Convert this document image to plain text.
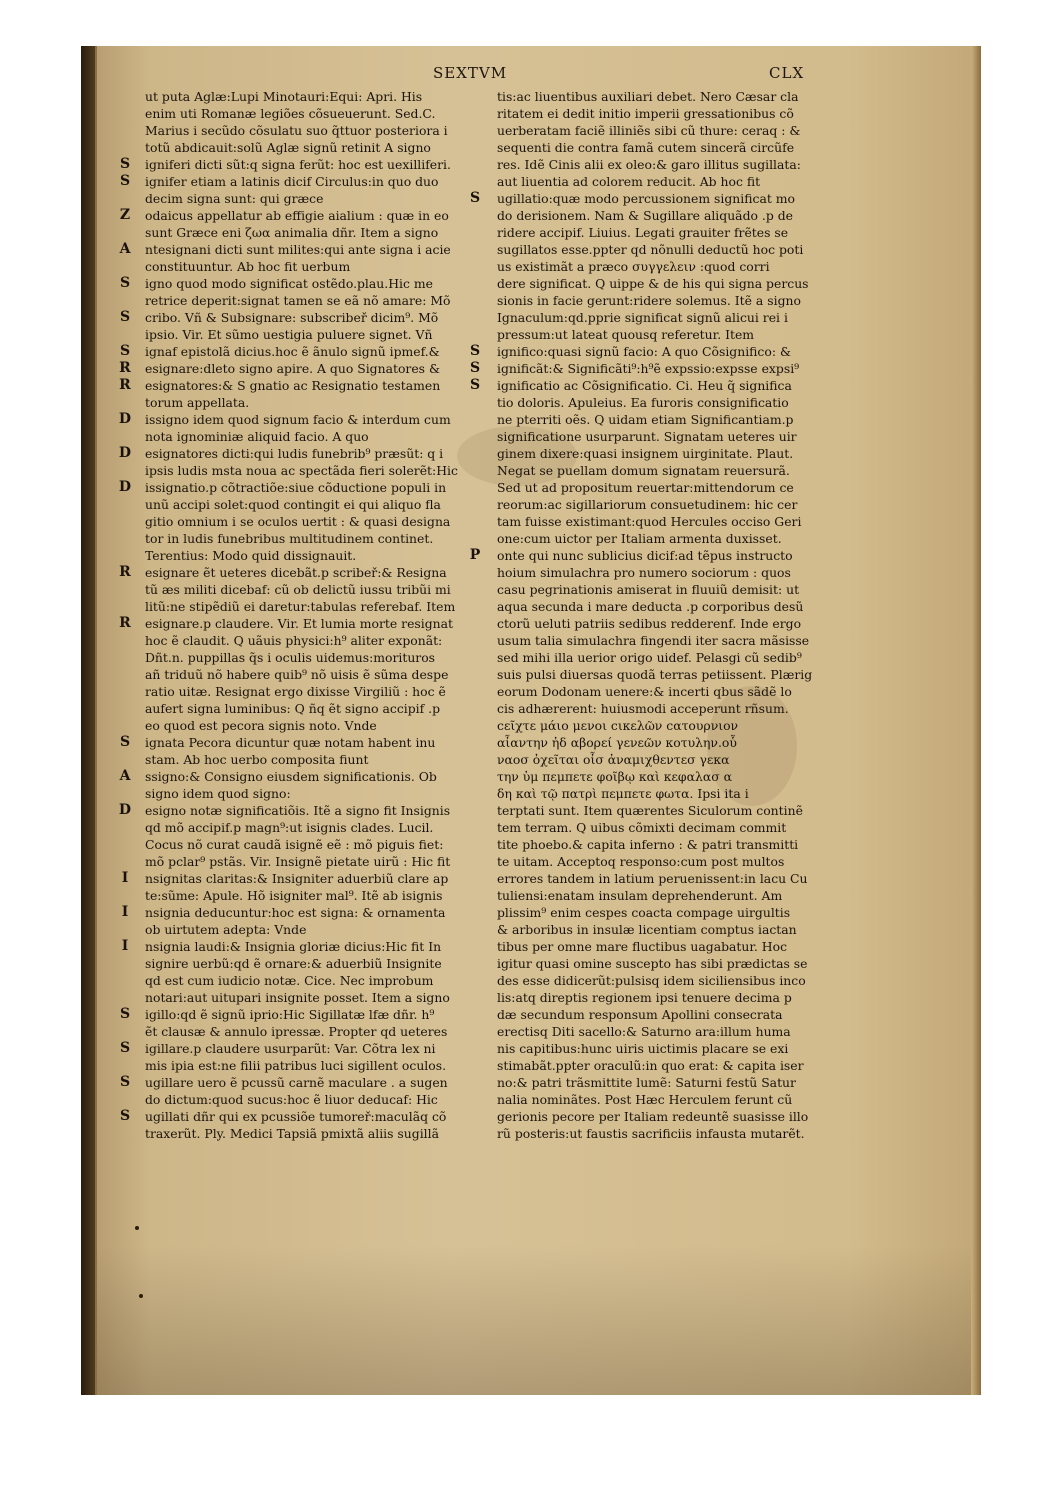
SEXTVM	CLX
ut puta Aglæ:Lupi Minotauri:Equi: Apri. His
enim uti Romanæ legiões cõsueuerunt. Sed.C.
Marius i secũdo cõsulatu suo q̃ttuor posteriora i
totũ abdicauit:solũ Aglæ signũ retinit A signo
S	igniferi dicti sũt:q signa ferũt: hoc est uexilliferi.
S	ignifer etiam a latinis dicif Circulus:in quo duo
decim signa sunt: qui græce
Z	odaicus appellatur ab effigie aialium : quæ in eo
sunt Græce eni ζωα animalia dñr. Item a signo
A	ntesignani dicti sunt milites:qui ante signa i acie
constituuntur. Ab hoc fit uerbum
S	igno quod modo significat ostẽdo.plau.Hic me
retrice deperit:signat tamen se eã nõ amare: Mõ
S	cribo. Vñ & Subsignare: subscribeř dicim⁹. Mõ
ipsio. Vir. Et sũmo uestigia puluere signet. Vñ
S	ignaf epistolã dicius.hoc ẽ ãnulo signũ ipmef.&
R	esignare:dleto signo apire. A quo Signatores &
R	esignatores:& S gnatio ac Resignatio testamen
torum appellata.
D	issigno idem quod signum facio & interdum cum
nota ignominiæ aliquid facio. A quo
D	esignatores dicti:qui ludis funebrib⁹ præsũt: q i
ipsis ludis msta noua ac spectãda fieri solerẽt:Hic
D	issignatio.p cõtractiõe:siue cõductione populi in
unũ accipi solet:quod contingit ei qui aliquo fla
gitio omnium i se oculos uertit : & quasi designa
tor in ludis funebribus multitudinem continet.
Terentius: Modo quid dissignauit.
R	esignare ẽt ueteres dicebãt.p scribeř:& Resigna
tũ æs militi dicebaf: cũ ob delictũ iussu tribũi mi
litũ:ne stipẽdiũ ei daretur:tabulas referebaf. Item
R	esignare.p claudere. Vir. Et lumia morte resignat
hoc ẽ claudit. Q uãuis physici:h⁹ aliter exponãt:
Dñt.n. puppillas q̃s i oculis uidemus:morituros
añ triduũ nõ habere quib⁹ nõ uisis ẽ sũma despe
ratio uitæ. Resignat ergo dixisse Virgiliũ : hoc ẽ
aufert signa luminibus: Q ñq ẽt signo accipif .p
eo quod est pecora signis noto. Vnde
S	ignata Pecora dicuntur quæ notam habent inu
stam. Ab hoc uerbo composita fiunt
A	ssigno:& Consigno eiusdem significationis. Ob
signo idem quod signo:
D	esigno notæ significatiõis. Itẽ a signo fit Insignis
qd mõ accipif.p magn⁹:ut isignis clades. Lucil.
Cocus nõ curat caudã isignẽ eẽ : mõ piguis fiet:
mõ pclar⁹ pstãs. Vir. Insignẽ pietate uirũ : Hic fit
I	nsignitas claritas:& Insigniter aduerbiũ clare ap
te:sũme: Apule. Hõ isigniter mal⁹. Itẽ ab isignis
I	nsignia deducuntur:hoc est signa: & ornamenta
ob uirtutem adepta: Vnde
I	nsignia laudi:& Insignia gloriæ dicius:Hic fit In
signire uerbũ:qd ẽ ornare:& aduerbiũ Insignite
qd est cum iudicio notæ. Cice. Nec improbum
notari:aut uitupari insignite posset. Item a signo
S	igillo:qd ẽ signũ iprio:Hic Sigillatæ lfæ dñr. h⁹
ẽt clausæ & annulo ipressæ. Propter qd ueteres
S	igillare.p claudere usurparũt: Var. Cõtra lex ni
mis ipia est:ne filii patribus luci sigillent oculos.
S	ugillare uero ẽ pcussũ carnẽ maculare . a sugen
do dictum:quod sucus:hoc ẽ liuor deducaf: Hic
S	ugillati dñr qui ex pcussiõe tumoreř:maculãq cõ
traxerũt. Ply. Medici Tapsiã pmixtã aliis sugillã
tis:ac liuentibus auxiliari debet. Nero Cæsar cla
ritatem ei dedit initio imperii gressationibus cõ
uerberatam faciẽ illiniẽs sibi cũ thure: ceraq : &
sequenti die contra famã cutem sincerã circũfe
res. Idẽ Cinis alii ex oleo:& garo illitus sugillata:
aut liuentia ad colorem reducit. Ab hoc fit
S	ugillatio:quæ modo percussionem significat mo
do derisionem. Nam & Sugillare aliquãdo .p de
ridere accipif. Liuius. Legati grauiter frẽtes se
sugillatos esse.ppter qd nõnulli deductũ hoc poti
us existimãt a præco συγγελειν :quod corri
dere significat. Q uippe & de his qui signa percus
sionis in facie gerunt:ridere solemus. Itẽ a signo
Ignaculum:qd.pprie significat signũ alicui rei i
pressum:ut lateat quousq referetur. Item
S	ignifico:quasi signũ facio: A quo Cõsignifico: &
S	ignificãt:& Significãti⁹:h⁹ẽ expssio:expsse expsi⁹
S	ignificatio ac Cõsignificatio. Ci. Heu q̃ significa
tio doloris. Apuleius. Ea furoris consignificatio
ne pterriti oẽs. Q uidam etiam Significantiam.p
significatione usurparunt. Signatam ueteres uir
ginem dixere:quasi insignem uirginitate. Plaut.
Negat se puellam domum signatam reuersurã.
Sed ut ad propositum reuertar:mittendorum ce
reorum:ac sigillariorum consuetudinem: hic cer
tam fuisse existimant:quod Hercules occiso Geri
one:cum uictor per Italiam armenta duxisset.
P	onte qui nunc sublicius dicif:ad tẽpus instructo
hoium simulachra pro numero sociorum : quos
casu pegrinationis amiserat in fluuiũ demisit: ut
aqua secunda i mare deducta .p corporibus desũ
ctorũ ueluti patriis sedibus redderenf. Inde ergo
usum talia simulachra fingendi iter sacra mãsisse
sed mihi illa uerior origo uidef. Pelasgi cũ sedib⁹
suis pulsi diuersas quodã terras petiissent. Plærig
eorum Dodonam uenere:& incerti qbus sãdẽ lo
cis adhærerent: huiusmodi acceperunt rñsum.
ϲεῖχτε μάιο μενοι ϲικελῶν ϲατουρνιον
αἶαντην ἠδ αβορεί γενεῶν κοτυλην.οὗ
ναοσ ὀχεῖται οἷσ ἀναμιχθεντεσ γεκα
την ὑμ πεμπετε φοῖβῳ καὶ κεφαλασ α
δη καὶ τῷ πατρὶ πεμπετε φωτα. Ipsi ita i
terptati sunt. Item quærentes Siculorum continẽ
tem terram. Q uibus cõmixti decimam commit
tite phoebo.& capita inferno : & patri transmitti
te uitam. Acceptoq responso:cum post multos
errores tandem in latium peruenissent:in lacu Cu
tuliensi:enatam insulam deprehenderunt. Am
plissim⁹ enim cespes coacta compage uirgultis
& arboribus in insulæ licentiam comptus iactan
tibus per omne mare fluctibus uagabatur. Hoc
igitur quasi omine suscepto has sibi prædictas se
des esse didicerũt:pulsisq idem siciliensibus inco
lis:atq direptis regionem ipsi tenuere decima p
dæ secundum responsum Apollini consecrata
erectisq Diti sacello:& Saturno ara:illum huma
nis capitibus:hunc uiris uictimis placare se exi
stimabãt.ppter oraculũ:in quo erat: & capita iser
no:& patri trãsmittite lumẽ: Saturni festũ Satur
nalia nominãtes. Post Hæc Herculem ferunt cũ
gerionis pecore per Italiam redeuntẽ suasisse illo
rũ posteris:ut faustis sacrificiis infausta mutarẽt.
